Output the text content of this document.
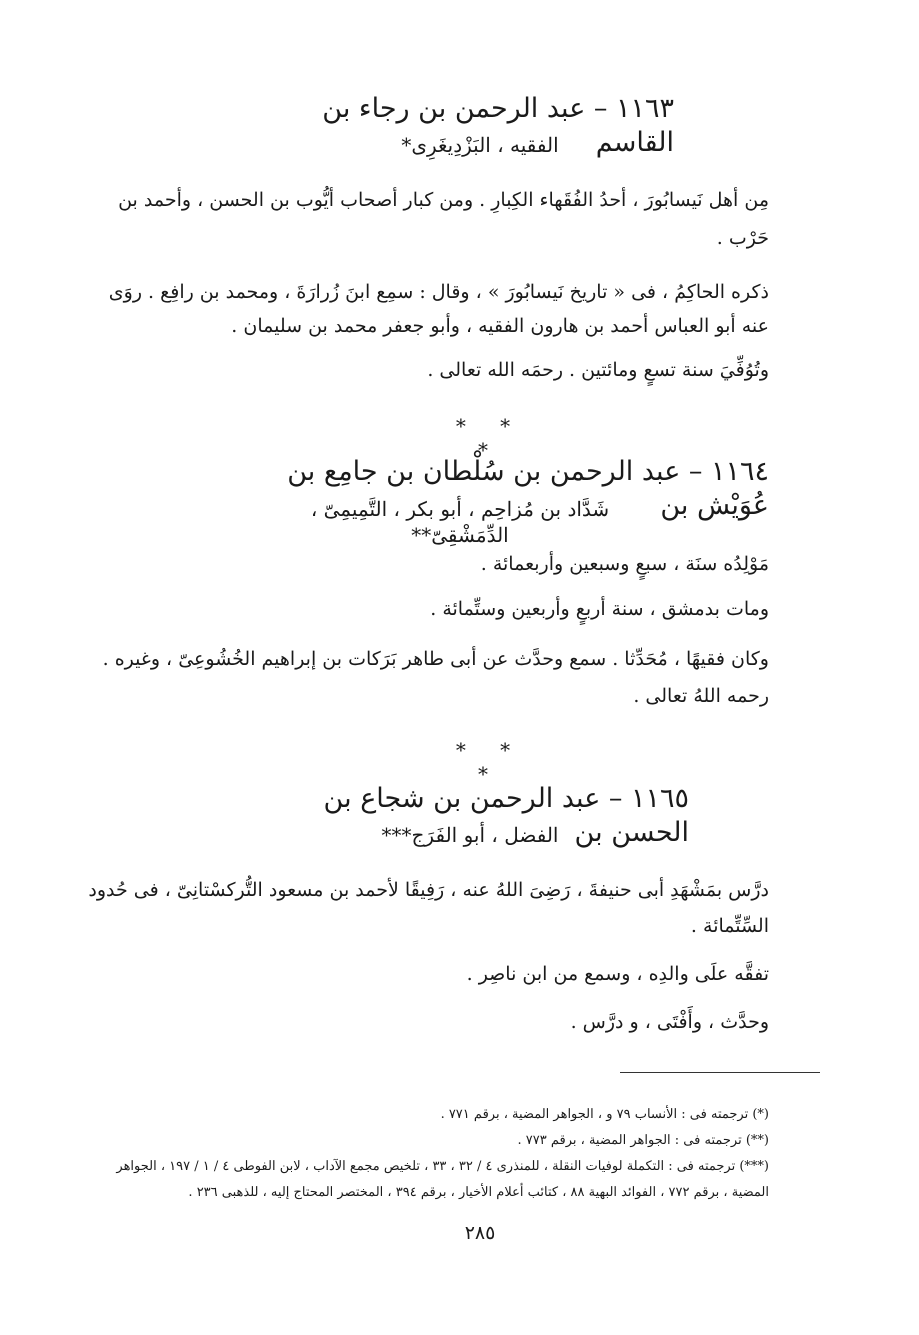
١١٦٣ – عبد الرحمن بن رجاء بن القاسم
الفقيه ، البَزْدِيغَرِى*
مِن أهل نَيسابُورَ ، أحدُ الفُقَهاء الكِبارِ . ومن كبار أصحاب أيُّوب بن الحسن ، وأحمد بن
حَرْب .
ذكره الحاكِمُ ، فى « تاريخ نَيسابُورَ » ، وقال : سمِع ابنَ زُرارَةَ ، ومحمد بن رافِع . روَى
عنه أبو العباس أحمد بن هارون الفقيه ، وأبو جعفر محمد بن سليمان .
وتُوُفِّيَ سنة تسعٍ ومائتين . رحمَه الله تعالى .
* * *
١١٦٤ – عبد الرحمن بن سُلْطان بن جامِع بن عُوَيْش بن
شَدَّاد بن مُزاحِم ، أبو بكر ، التَّمِيمِىّ ، الدِّمَشْقِىّ**
مَوْلِدُه سنَة ، سبعٍ وسبعين وأربعمائة .
ومات بدمشق ، سنة أربعٍ وأربعين وستِّمائة .
وكان فقيهًا ، مُحَدِّثا . سمع وحدَّث عن أبى طاهر بَرَكات بن إبراهيم الخُشُوعِىّ ، وغيره .
رحمه اللهُ تعالى .
* * *
١١٦٥ – عبد الرحمن بن شجاع بن الحسن بن
الفضل ، أبو الفَرَج***
درَّس بمَشْهَدِ أبى حنيفةَ ، رَضِىَ اللهُ عنه ، رَفِيقًا لأحمد بن مسعود التُّركسْتانِىّ ، فى حُدود
السِّتِّمائة .
تفقَّه علَى والدِه ، وسمع من ابن ناصِر .
وحدَّث ، وأَفْتَى ، و درَّس .
(*) ترجمته فى : الأنساب ٧٩ و ، الجواهر المضية ، برقم ٧٧١ .
(**) ترجمته فى : الجواهر المضية ، برقم ٧٧٣ .
(***) ترجمته فى : التكملة لوفيات النقلة ، للمنذرى ٤ / ٣٢ ، ٣٣ ، تلخيص مجمع الآداب ، لابن الفوطى ٤ / ١ / ١٩٧ ، الجواهر
المضية ، برقم ٧٧٢ ، الفوائد البهية ٨٨ ، كتائب أعلام الأخيار ، برقم ٣٩٤ ، المختصر المحتاج إليه ، للذهبى ٢٣٦ .
٢٨٥
